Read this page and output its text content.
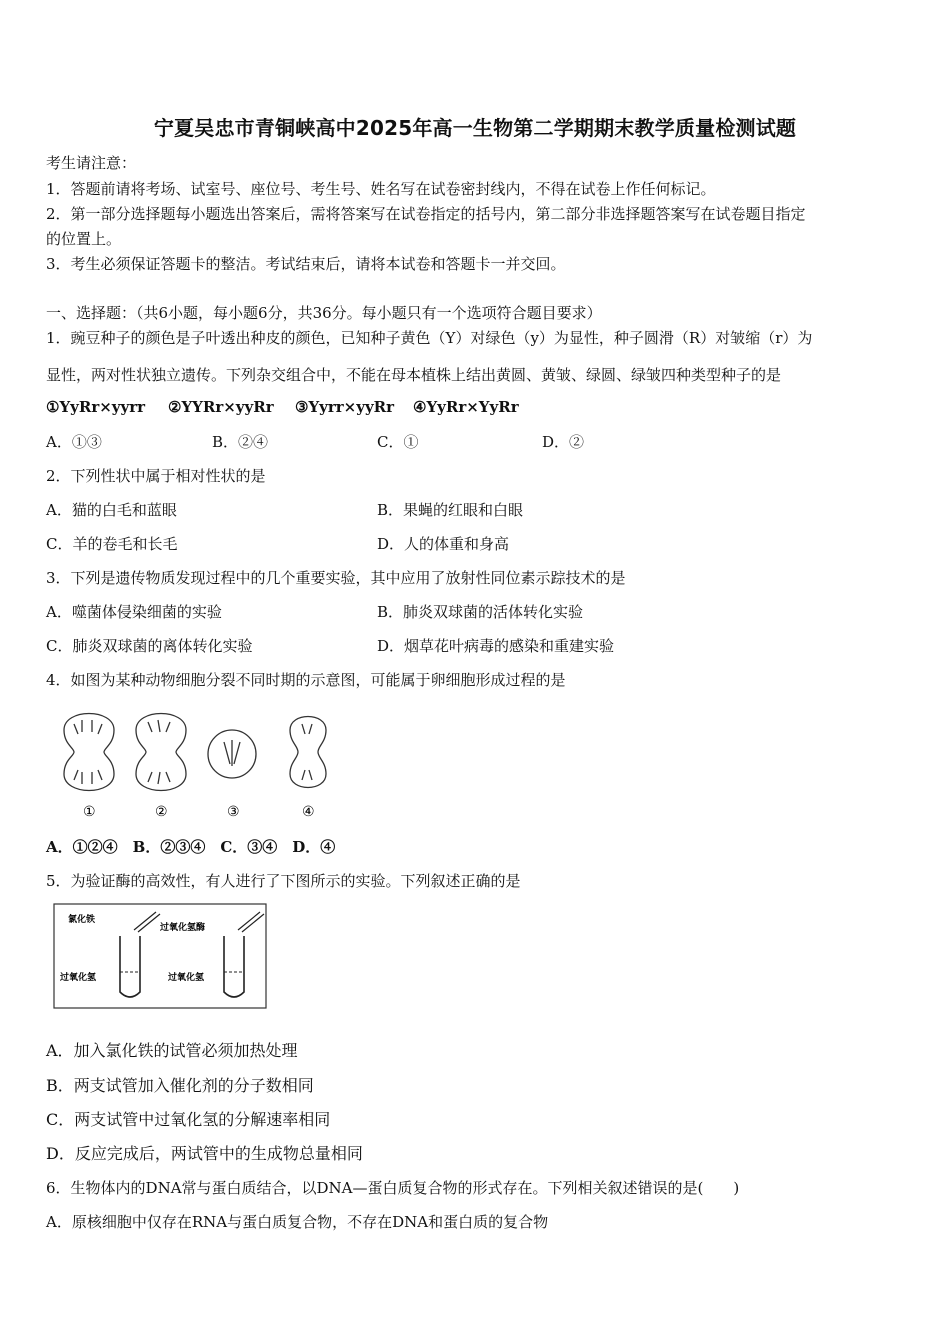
宁夏吴忠市青铜峡高中2025年高一生物第二学期期末教学质量检测试题
考生请注意：
1．答题前请将考场、试室号、座位号、考生号、姓名写在试卷密封线内，不得在试卷上作任何标记。
2．第一部分选择题每小题选出答案后，需将答案写在试卷指定的括号内，第二部分非选择题答案写在试卷题目指定
的位置上。
3．考生必须保证答题卡的整洁。考试结束后，请将本试卷和答题卡一并交回。
一、选择题：（共6小题，每小题6分，共36分。每小题只有一个选项符合题目要求）
1．豌豆种子的颜色是子叶透出种皮的颜色，已知种子黄色（Y）对绿色（y）为显性，种子圆滑（R）对皱缩（r）为
显性，两对性状独立遗传。下列杂交组合中，不能在母本植株上结出黄圆、黄皱、绿圆、绿皱四种类型种子的是
①YyRr×yyrr ②YYRr×yyRr ③Yyrr×yyRr ④YyRr×YyRr
A．①③	B．②④	C．①	D．②
2．下列性状中属于相对性状的是
A．猫的白毛和蓝眼	B．果蝇的红眼和白眼
C．羊的卷毛和长毛	D．人的体重和身高
3．下列是遗传物质发现过程中的几个重要实验，其中应用了放射性同位素示踪技术的是
A．噬菌体侵染细菌的实验	B．肺炎双球菌的活体转化实验
C．肺炎双球菌的离体转化实验	D．烟草花叶病毒的感染和重建实验
4．如图为某种动物细胞分裂不同时期的示意图，可能属于卵细胞形成过程的是
①	②	③	④
A．①②④　B．②③④　C．③④　D．④
5．为验证酶的高效性，有人进行了下图所示的实验。下列叙述正确的是
氯化铁
过氧化氢酶
过氧化氢	过氧化氢
A．加入氯化铁的试管必须加热处理
B．两支试管加入催化剂的分子数相同
C．两支试管中过氧化氢的分解速率相同
D．反应完成后，两试管中的生成物总量相同
6．生物体内的DNA常与蛋白质结合，以DNA—蛋白质复合物的形式存在。下列相关叙述错误的是(　　)
A．原核细胞中仅存在RNA与蛋白质复合物，不存在DNA和蛋白质的复合物
